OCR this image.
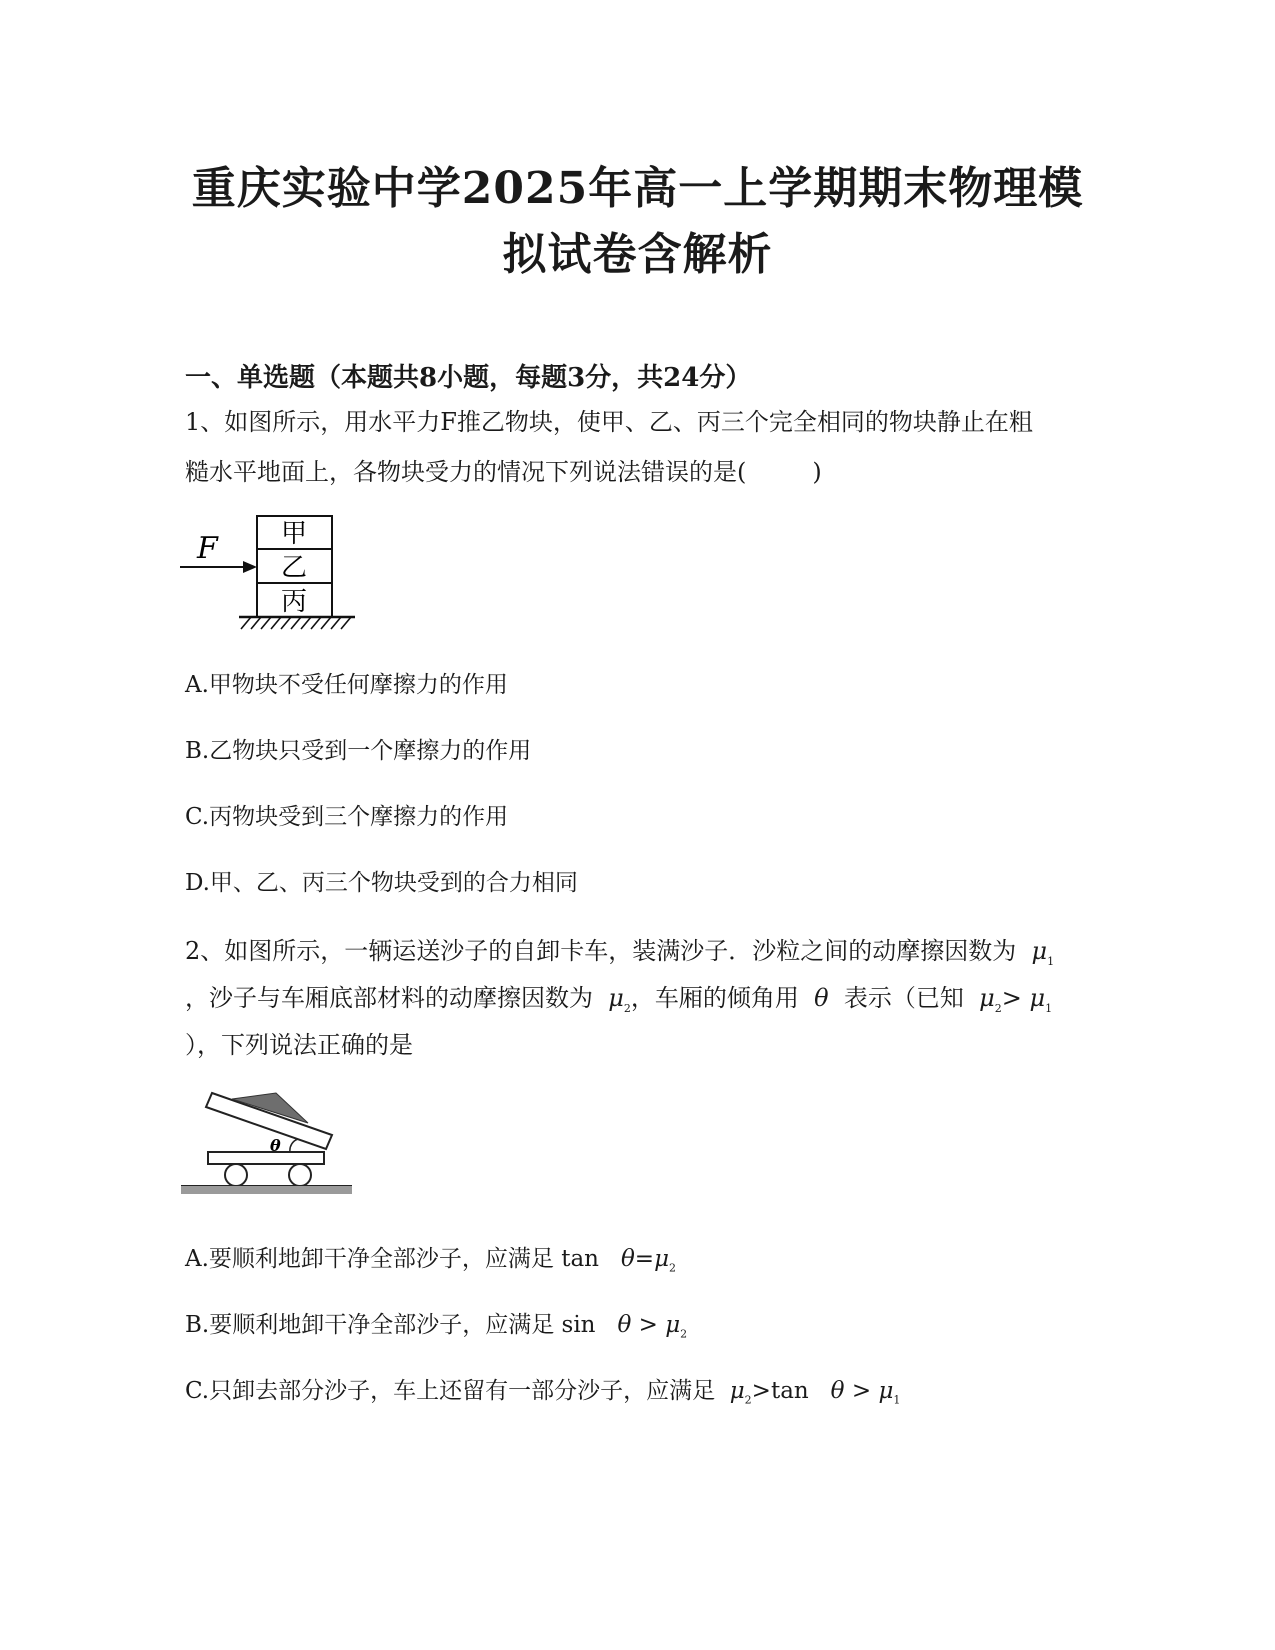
重庆实验中学2025年高一上学期期末物理模
拟试卷含解析
一、单选题（本题共8小题，每题3分，共24分）
1、如图所示，用水平力F推乙物块，使甲、乙、丙三个完全相同的物块静止在粗
糙水平地面上，各物块受力的情况下列说法错误的是(	)
F 甲
乙
丙
A.甲物块不受任何摩擦力的作用
B.乙物块只受到一个摩擦力的作用
C.丙物块受到三个摩擦力的作用
D.甲、乙、丙三个物块受到的合力相同
2、如图所示，一辆运送沙子的自卸卡车，装满沙子．沙粒之间的动摩擦因数为 $\mu_1$
，沙子与车厢底部材料的动摩擦因数为 $\mu_2$，车厢的倾角用 θ 表示（已知 $\mu_2> \mu_1$
），下列说法正确的是
θ
A.要顺利地卸干净全部沙子，应满足 $\tan \theta=\mu_2$
B.要顺利地卸干净全部沙子，应满足 $\sin \theta > \mu_2$
C.只卸去部分沙子，车上还留有一部分沙子，应满足 $\mu_2>\tan$ $\theta > \mu_1$
